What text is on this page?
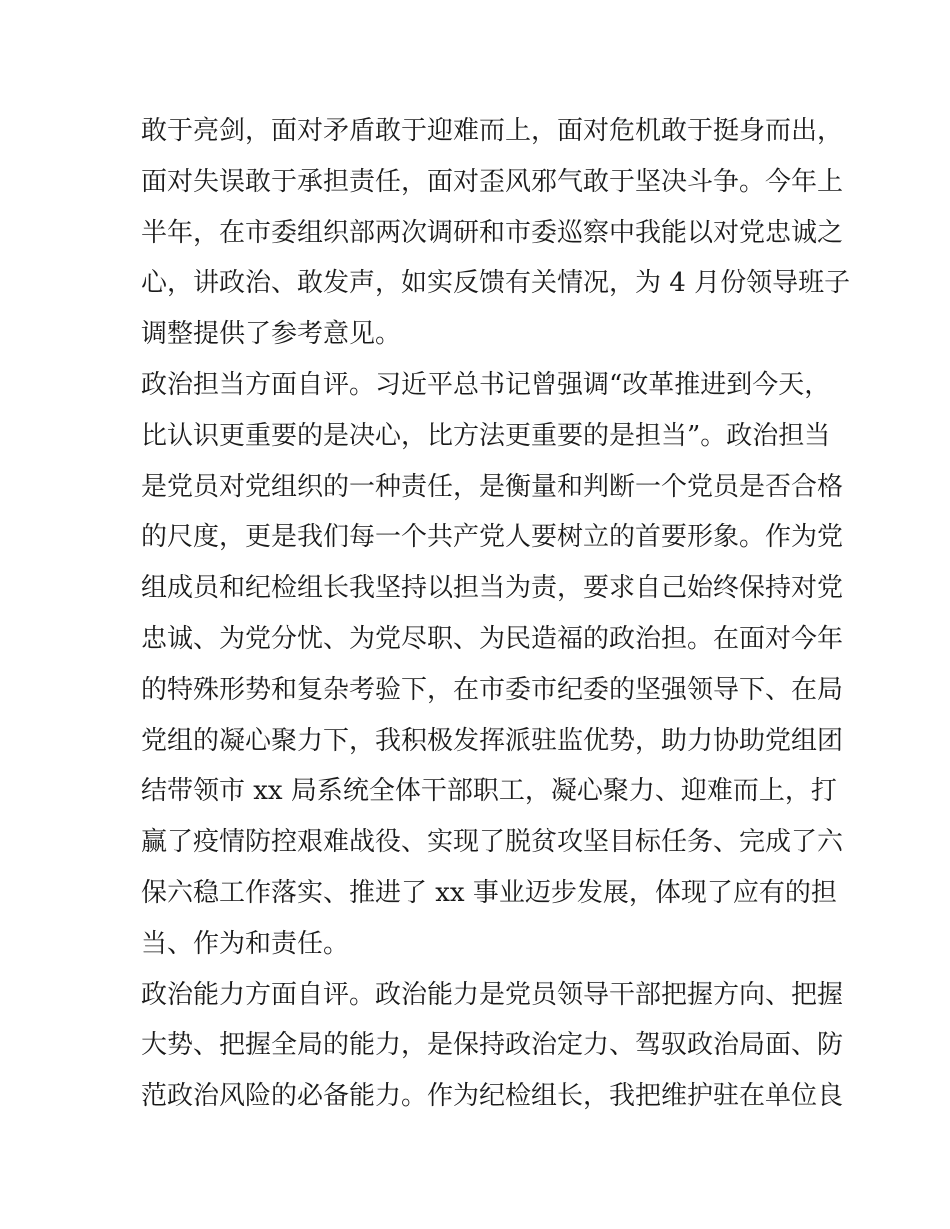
敢于亮剑，面对矛盾敢于迎难而上，面对危机敢于挺身而出，
面对失误敢于承担责任，面对歪风邪气敢于坚决斗争。今年上
半年，在市委组织部两次调研和市委巡察中我能以对党忠诚之
心，讲政治、敢发声，如实反馈有关情况，为 4 月份领导班子
调整提供了参考意见。
政治担当方面自评。习近平总书记曾强调“改革推进到今天，
比认识更重要的是决心，比方法更重要的是担当”。政治担当
是党员对党组织的一种责任，是衡量和判断一个党员是否合格
的尺度，更是我们每一个共产党人要树立的首要形象。作为党
组成员和纪检组长我坚持以担当为责，要求自己始终保持对党
忠诚、为党分忧、为党尽职、为民造福的政治担。在面对今年
的特殊形势和复杂考验下，在市委市纪委的坚强领导下、在局
党组的凝心聚力下，我积极发挥派驻监优势，助力协助党组团
结带领市 xx 局系统全体干部职工，凝心聚力、迎难而上，打
赢了疫情防控艰难战役、实现了脱贫攻坚目标任务、完成了六
保六稳工作落实、推进了 xx 事业迈步发展，体现了应有的担
当、作为和责任。
政治能力方面自评。政治能力是党员领导干部把握方向、把握
大势、把握全局的能力，是保持政治定力、驾驭政治局面、防
范政治风险的必备能力。作为纪检组长，我把维护驻在单位良
